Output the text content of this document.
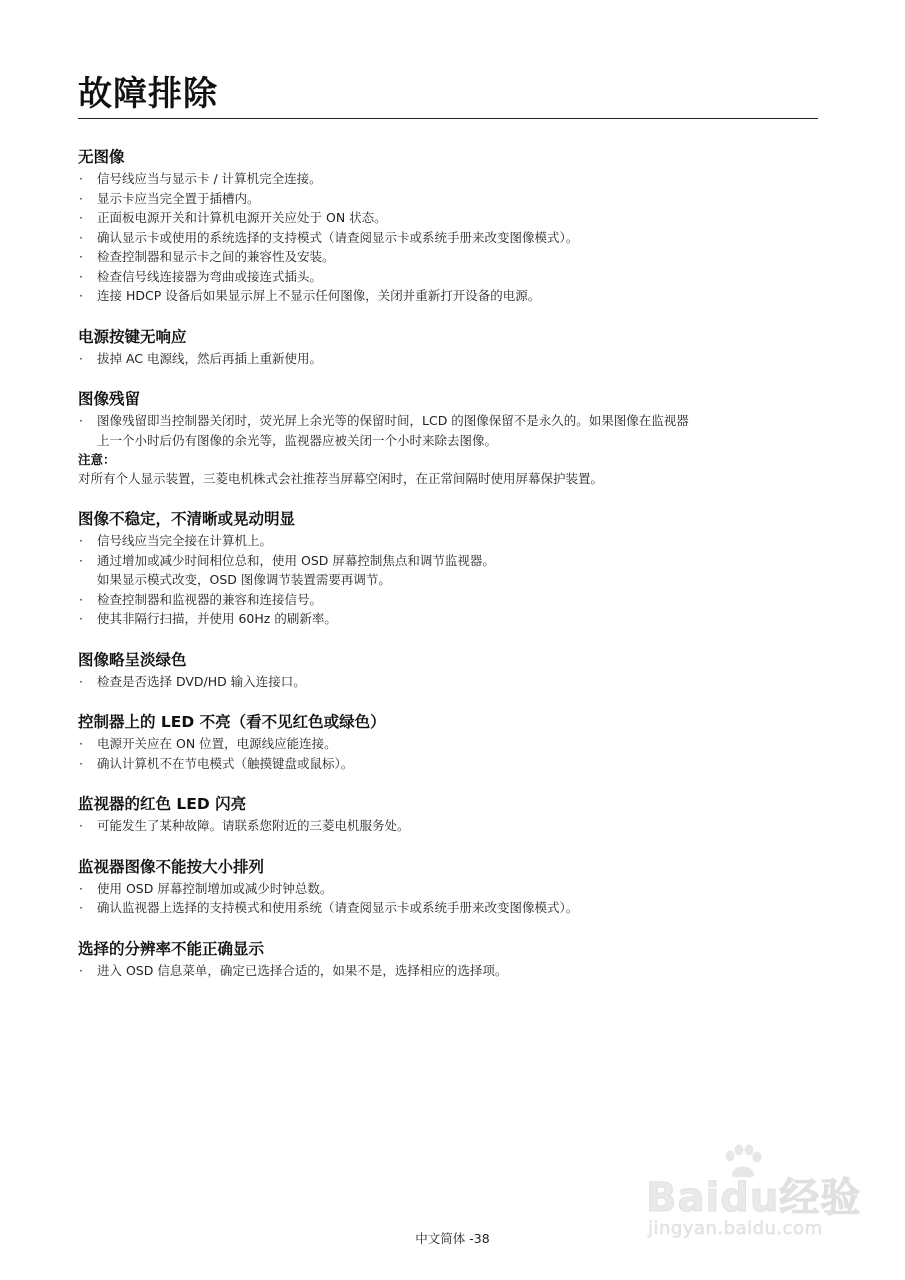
故障排除
无图像
·	信号线应当与显示卡 / 计算机完全连接。
·	显示卡应当完全置于插槽内。
·	正面板电源开关和计算机电源开关应处于 ON 状态。
·	确认显示卡或使用的系统选择的支持模式（请查阅显示卡或系统手册来改变图像模式）。
·	检查控制器和显示卡之间的兼容性及安装。
·	检查信号线连接器为弯曲或接连式插头。
·	连接 HDCP 设备后如果显示屏上不显示任何图像，关闭并重新打开设备的电源。
电源按键无响应
·	拔掉 AC 电源线，然后再插上重新使用。
图像残留
·	图像残留即当控制器关闭时，荧光屏上余光等的保留时间，LCD 的图像保留不是永久的。如果图像在监视器
上一个小时后仍有图像的余光等，监视器应被关闭一个小时来除去图像。
注意：
对所有个人显示装置，三菱电机株式会社推荐当屏幕空闲时，在正常间隔时使用屏幕保护装置。
图像不稳定，不清晰或晃动明显
·	信号线应当完全接在计算机上。
·	通过增加或减少时间相位总和，使用 OSD 屏幕控制焦点和调节监视器。
如果显示模式改变，OSD 图像调节装置需要再调节。
·	检查控制器和监视器的兼容和连接信号。
·	使其非隔行扫描，并使用 60Hz 的刷新率。
图像略呈淡绿色
·	检查是否选择 DVD/HD 输入连接口。
控制器上的 LED 不亮（看不见红色或绿色）
·	电源开关应在 ON 位置，电源线应能连接。
·	确认计算机不在节电模式（触摸键盘或鼠标）。
监视器的红色 LED 闪亮
·	可能发生了某种故障。请联系您附近的三菱电机服务处。
监视器图像不能按大小排列
·	使用 OSD 屏幕控制增加或减少时钟总数。
·	确认监视器上选择的支持模式和使用系统（请查阅显示卡或系统手册来改变图像模式）。
选择的分辨率不能正确显示
·	进入 OSD 信息菜单，确定已选择合适的，如果不是，选择相应的选择项。
Baidu经验
jingyan.baidu.com
中文简体 -38
